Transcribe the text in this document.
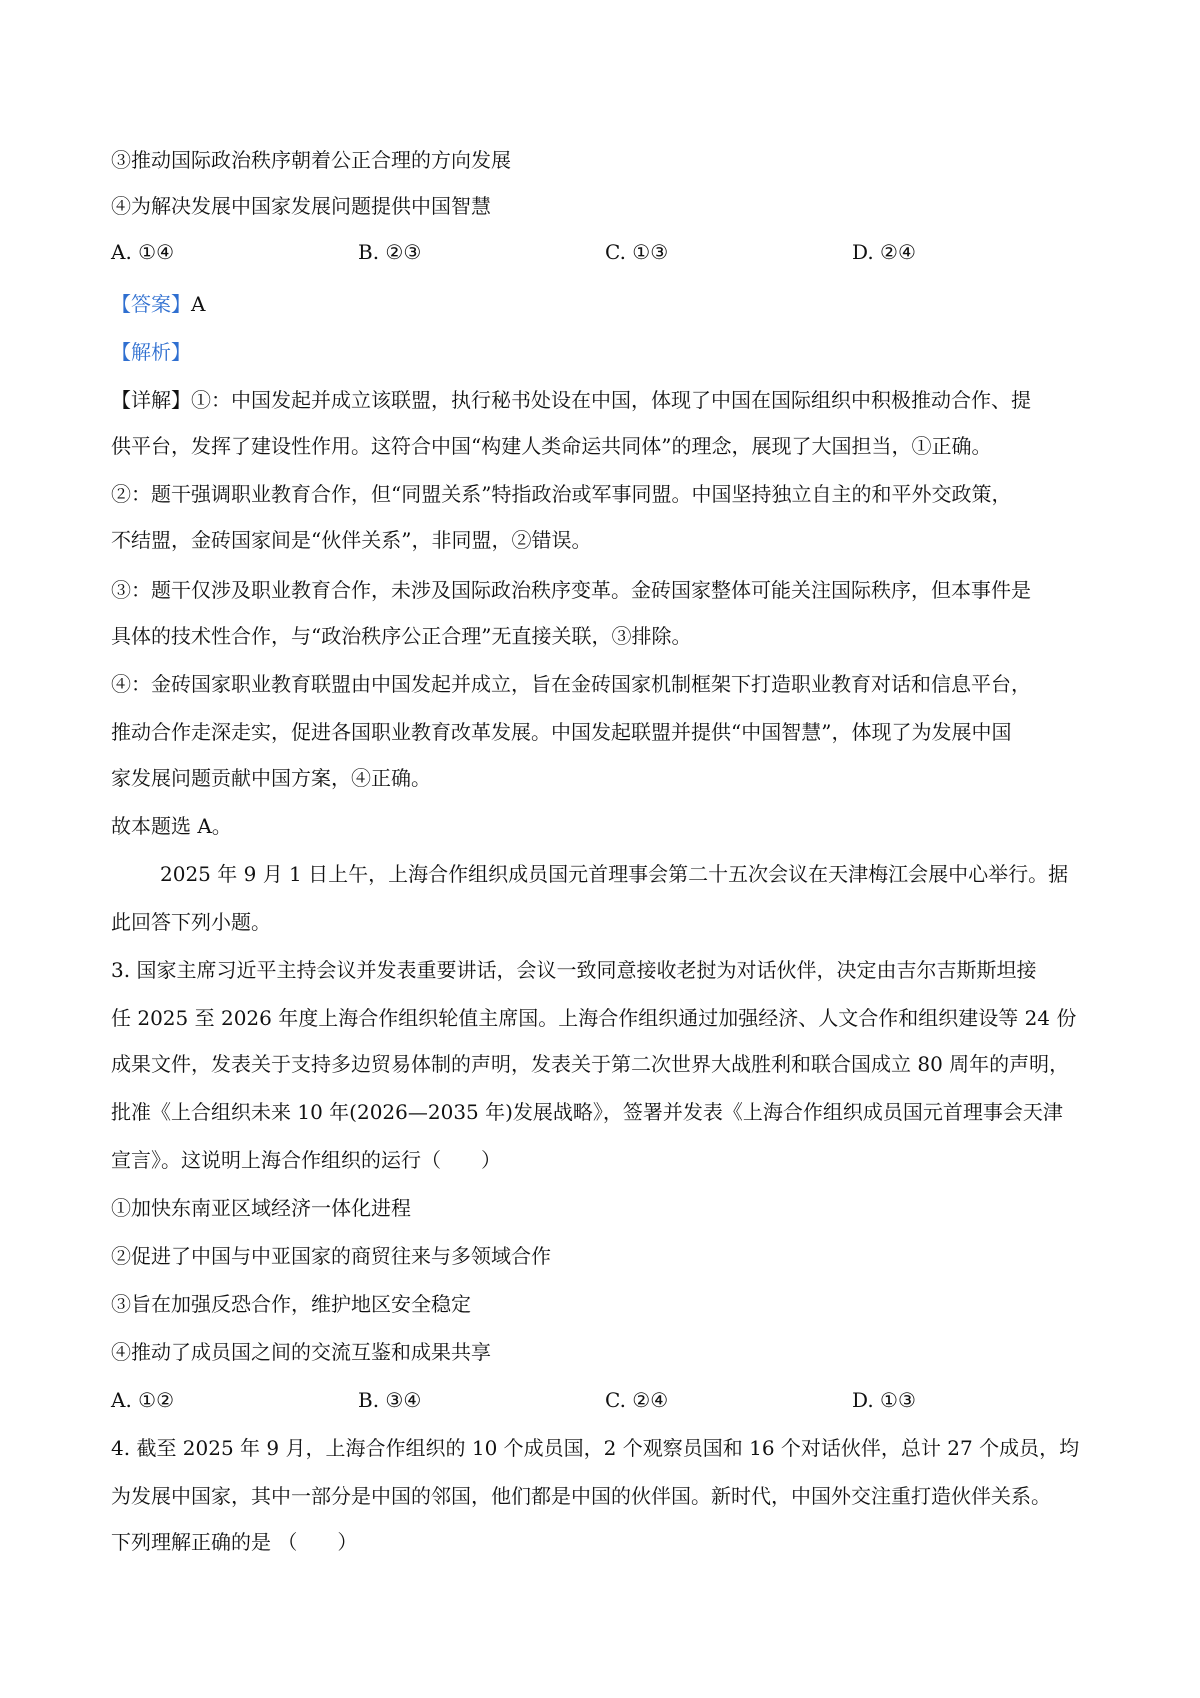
③推动国际政治秩序朝着公正合理的方向发展
④为解决发展中国家发展问题提供中国智慧
A. ①④	B. ②③	C. ①③	D. ②④
【答案】A
【解析】
【详解】①：中国发起并成立该联盟，执行秘书处设在中国，体现了中国在国际组织中积极推动合作、提
供平台，发挥了建设性作用。这符合中国“构建人类命运共同体”的理念，展现了大国担当，①正确。
②：题干强调职业教育合作，但“同盟关系”特指政治或军事同盟。中国坚持独立自主的和平外交政策，
不结盟，金砖国家间是“伙伴关系”，非同盟，②错误。
③：题干仅涉及职业教育合作，未涉及国际政治秩序变革。金砖国家整体可能关注国际秩序，但本事件是
具体的技术性合作，与“政治秩序公正合理”无直接关联，③排除。
④：金砖国家职业教育联盟由中国发起并成立，旨在金砖国家机制框架下打造职业教育对话和信息平台，
推动合作走深走实，促进各国职业教育改革发展。中国发起联盟并提供“中国智慧”，体现了为发展中国
家发展问题贡献中国方案，④正确。
故本题选 A。
2025 年 9 月 1 日上午，上海合作组织成员国元首理事会第二十五次会议在天津梅江会展中心举行。据
此回答下列小题。
3. 国家主席习近平主持会议并发表重要讲话，会议一致同意接收老挝为对话伙伴，决定由吉尔吉斯斯坦接
任 2025 至 2026 年度上海合作组织轮值主席国。上海合作组织通过加强经济、人文合作和组织建设等 24 份
成果文件，发表关于支持多边贸易体制的声明，发表关于第二次世界大战胜利和联合国成立 80 周年的声明，
批准《上合组织未来 10 年(2026—2035 年)发展战略》，签署并发表《上海合作组织成员国元首理事会天津
宣言》。这说明上海合作组织的运行（　　）
①加快东南亚区域经济一体化进程
②促进了中国与中亚国家的商贸往来与多领域合作
③旨在加强反恐合作，维护地区安全稳定
④推动了成员国之间的交流互鉴和成果共享
A. ①②	B. ③④	C. ②④	D. ①③
4. 截至 2025 年 9 月，上海合作组织的 10 个成员国，2 个观察员国和 16 个对话伙伴，总计 27 个成员，均
为发展中国家，其中一部分是中国的邻国，他们都是中国的伙伴国。新时代，中国外交注重打造伙伴关系。
下列理解正确的是 （　　）
